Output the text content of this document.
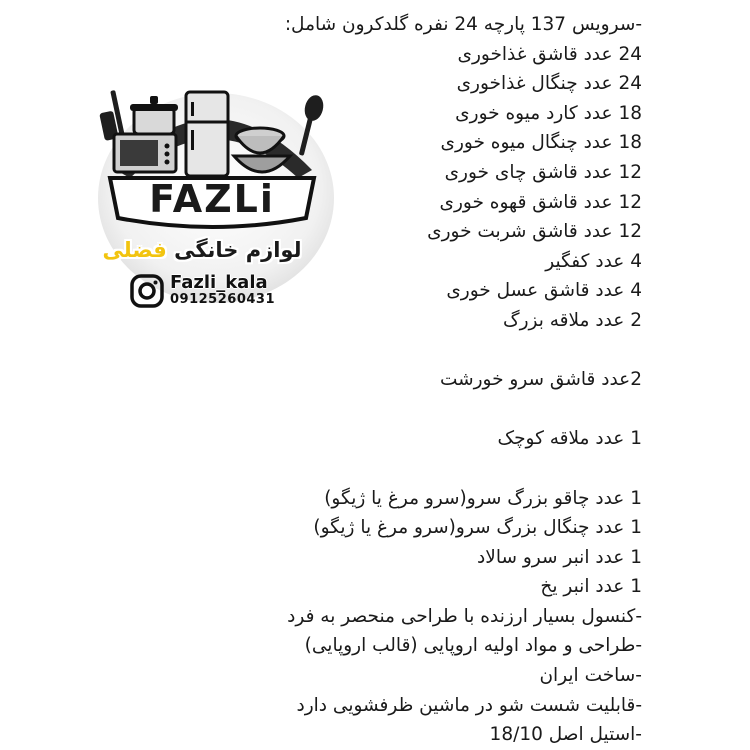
FAZLi
لوازم خانگی فضلی
Fazli_kala
09125260431
-سرویس 137 پارچه 24 نفره گلدکرون شامل:
24 عدد قاشق غذاخوری
24 عدد چنگال غذاخوری
18 عدد کارد میوه خوری
18 عدد چنگال میوه خوری
12 عدد قاشق چای خوری
12 عدد قاشق قهوه خوری
12 عدد قاشق شربت خوری
4 عدد کفگیر
4 عدد قاشق عسل خوری
2 عدد ملاقه بزرگ
2عدد قاشق سرو خورشت
1 عدد ملاقه کوچک
1 عدد چاقو بزرگ سرو(سرو مرغ یا ژیگو)
1 عدد چنگال بزرگ سرو(سرو مرغ یا ژیگو)
1 عدد انبر سرو سالاد
1 عدد انبر یخ
-کنسول بسیار ارزنده با طراحی منحصر به فرد
-طراحی و مواد اولیه اروپایی (قالب اروپایی)
-ساخت ایران
-قابلیت شست شو در ماشین ظرفشویی دارد
-استیل اصل 18/10
